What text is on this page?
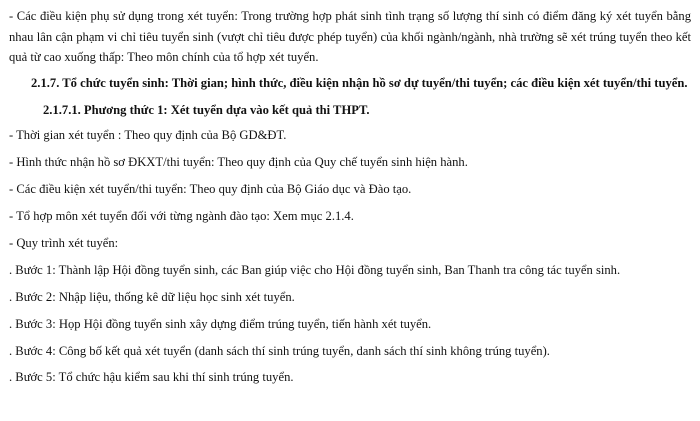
- Các điều kiện phụ sử dụng trong xét tuyển: Trong trường hợp phát sinh tình trạng số lượng thí sinh có điểm đăng ký xét tuyển bằng nhau lân cận phạm vi chỉ tiêu tuyển sinh (vượt chỉ tiêu được phép tuyển) của khối ngành/ngành, nhà trường sẽ xét trúng tuyển theo kết quả từ cao xuống thấp: Theo môn chính của tổ hợp xét tuyển.

2.1.7. Tổ chức tuyển sinh: Thời gian; hình thức, điều kiện nhận hồ sơ dự tuyển/thi tuyển; các điều kiện xét tuyển/thi tuyển.

2.1.7.1. Phương thức 1: Xét tuyển dựa vào kết quả thi THPT.

- Thời gian xét tuyển : Theo quy định của Bộ GD&ĐT.

- Hình thức nhận hồ sơ ĐKXT/thi tuyển: Theo quy định của Quy chế tuyển sinh hiện hành.

- Các điều kiện xét tuyển/thi tuyển: Theo quy định của Bộ Giáo dục và Đào tạo.

- Tổ hợp môn xét tuyển đối với từng ngành đào tạo: Xem mục 2.1.4.

- Quy trình xét tuyển:

. Bước 1: Thành lập Hội đồng tuyển sinh, các Ban giúp việc cho Hội đồng tuyển sinh, Ban Thanh tra công tác tuyển sinh.

. Bước 2: Nhập liệu, thống kê dữ liệu học sinh xét tuyển.

. Bước 3: Họp Hội đồng tuyển sinh xây dựng điểm trúng tuyển, tiến hành xét tuyển.

. Bước 4: Công bố kết quả xét tuyển (danh sách thí sinh trúng tuyển, danh sách thí sinh không trúng tuyển).

. Bước 5: Tổ chức hậu kiểm sau khi thí sinh trúng tuyển.
